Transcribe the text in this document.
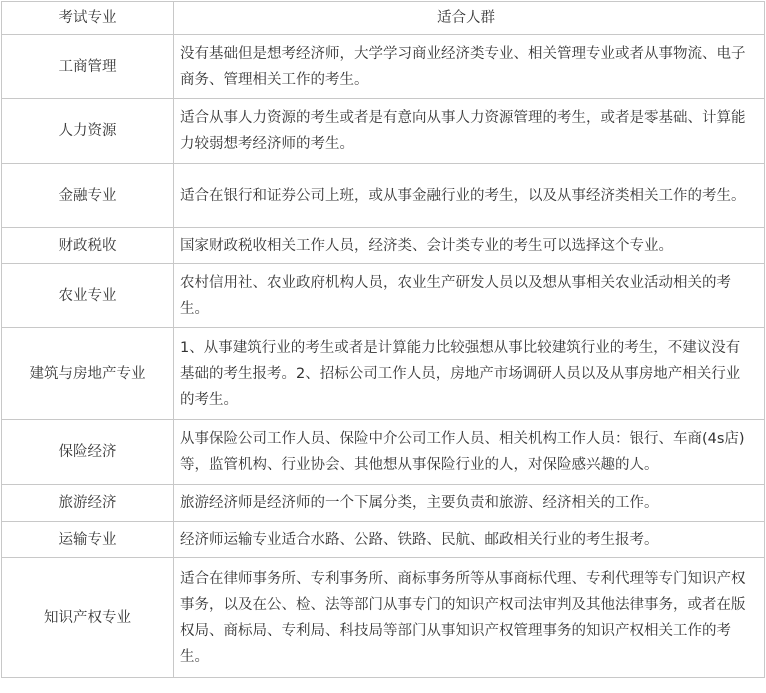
考试专业	适合人群
工商管理	没有基础但是想考经济师，大学学习商业经济类专业、相关管理专业或者从事物流、电子商务、管理相关工作的考生。
人力资源	适合从事人力资源的考生或者是有意向从事人力资源管理的考生，或者是零基础、计算能力较弱想考经济师的考生。
金融专业	适合在银行和证券公司上班，或从事金融行业的考生，以及从事经济类相关工作的考生。
财政税收	国家财政税收相关工作人员，经济类、会计类专业的考生可以选择这个专业。
农业专业	农村信用社、农业政府机构人员，农业生产研发人员以及想从事相关农业活动相关的考生。
建筑与房地产专业	1、从事建筑行业的考生或者是计算能力比较强想从事比较建筑行业的考生，不建议没有基础的考生报考。2、招标公司工作人员，房地产市场调研人员以及从事房地产相关行业的考生。
保险经济	从事保险公司工作人员、保险中介公司工作人员、相关机构工作人员：银行、车商(4s店)等，监管机构、行业协会、其他想从事保险行业的人，对保险感兴趣的人。
旅游经济	旅游经济师是经济师的一个下属分类，主要负责和旅游、经济相关的工作。
运输专业	经济师运输专业适合水路、公路、铁路、民航、邮政相关行业的考生报考。
知识产权专业	适合在律师事务所、专利事务所、商标事务所等从事商标代理、专利代理等专门知识产权事务，以及在公、检、法等部门从事专门的知识产权司法审判及其他法律事务，或者在版权局、商标局、专利局、科技局等部门从事知识产权管理事务的知识产权相关工作的考生。
